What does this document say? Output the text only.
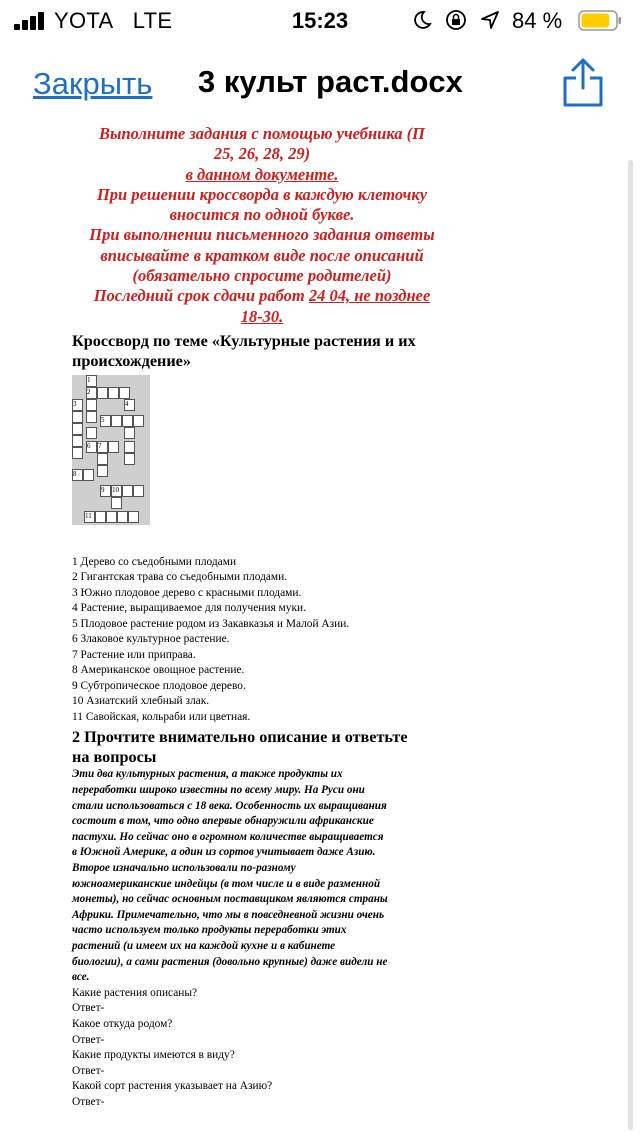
YOTA LTE	15:23	84 %
Закрыть 3 культ раст.docx
Выполните задания с помощью учебника (П
25, 26, 28, 29)
в данном документе.
При решении кроссворда в каждую клеточку
вносится по одной букве.
При выполнении письменного задания ответы
вписывайте в кратком виде после описаний
(обязательно спросите родителей)
Последний срок сдачи работ 24 04, не позднее
18-30.
Кроссворд по теме «Культурные растения и их
происхождение»
1
2
3	4
5
6	7
8
9	10
11
1 Дерево со съедобными плодами
2 Гигантская трава со съедобными плодами.
3 Южно плодовое дерево с красными плодами.
4 Растение, выращиваемое для получения муки.
5 Плодовое растение родом из Закавказья и Малой Азии.
6 Злаковое культурное растение.
7 Растение или приправа.
8 Американское овощное растение.
9 Субтропическое плодовое дерево.
10 Азиатский хлебный злак.
11 Савойская, кольраби или цветная.
2 Прочтите внимательно описание и ответьте
на вопросы
Эти два культурных растения, а также продукты их
переработки широко известны по всему миру. На Руси они
стали использоваться с 18 века. Особенность их выращивания
состоит в том, что одно впервые обнаружили африканские
пастухи. Но сейчас оно в огромном количестве выращивается
в Южной Америке, а один из сортов учитывает даже Азию.
Второе изначально использовали по-разному
южноамериканские индейцы (в том числе и в виде разменной
монеты), но сейчас основным поставщиком являются страны
Африки. Примечательно, что мы в повседневной жизни очень
часто используем только продукты переработки этих
растений (и имеем их на каждой кухне и в кабинете
биологии), а сами растения (довольно крупные) даже видели не
все.
Какие растения описаны?
Ответ-
Какое откуда родом?
Ответ-
Какие продукты имеются в виду?
Ответ-
Какой сорт растения указывает на Азию?
Ответ-
